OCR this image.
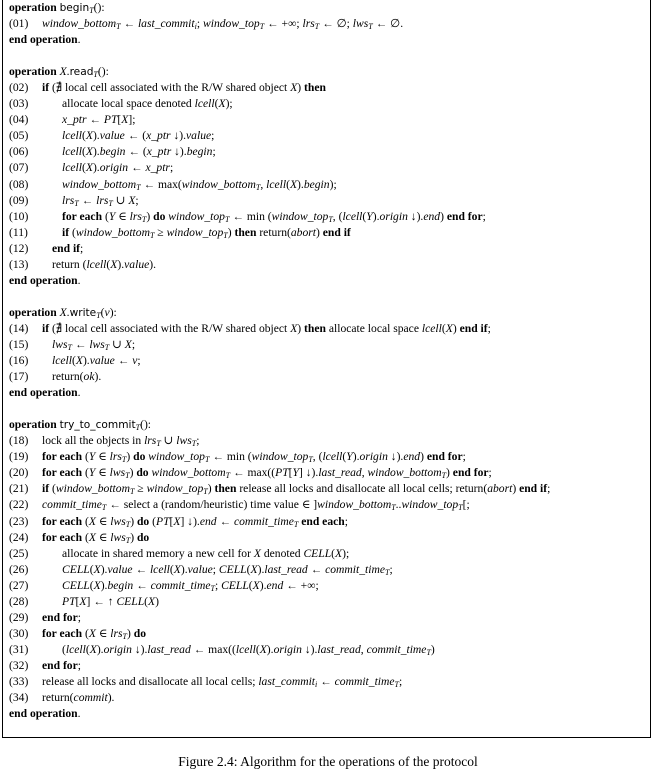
operation begin$_T$():
(01) window_bottom$_T$ ← last_commit$_i$; window_top$_T$ ← +∞; lrs$_T$ ← ∅; lws$_T$ ← ∅.
end operation.
operation X.read$_T$():
(02) if (∄ local cell associated with the R/W shared object X) then
(03)	allocate local space denoted lcell(X);
(04)	x_ptr ← PT[X];
(05)	lcell(X).value ← (x_ptr ↓).value;
(06)	lcell(X).begin ← (x_ptr ↓).begin;
(07)	lcell(X).origin ← x_ptr;
(08)	window_bottom$_T$ ← max(window_bottom$_T$, lcell(X).begin);
(09)	lrs$_T$ ← lrs$_T$ ∪ X;
(10)	for each (Y ∈ lrs$_T$) do window_top$_T$ ← min (window_top$_T$, (lcell(Y).origin ↓).end) end for;
(11)	if (window_bottom$_T$ ≥ window_top$_T$) then return(abort) end if
(12) end if;
(13) return (lcell(X).value).
end operation.
operation X.write$_T$(v):
(14) if (∄ local cell associated with the R/W shared object X) then allocate local space lcell(X) end if;
(15) lws$_T$ ← lws$_T$ ∪ X;
(16) lcell(X).value ← v;
(17) return(ok).
end operation.
operation try_to_commit$_T$():
(18) lock all the objects in lrs$_T$ ∪ lws$_T$;
(19) for each (Y ∈ lrs$_T$) do window_top$_T$ ← min (window_top$_T$, (lcell(Y).origin ↓).end) end for;
(20) for each (Y ∈ lws$_T$) do window_bottom$_T$ ← max((PT[Y] ↓).last_read, window_bottom$_T$) end for;
(21) if (window_bottom$_T$ ≥ window_top$_T$) then release all locks and disallocate all local cells; return(abort) end if;
(22) commit_time$_T$ ← select a (random/heuristic) time value ∈ ]window_bottom$_T$..window_top$_T$[;
(23) for each (X ∈ lws$_T$) do (PT[X] ↓).end ← commit_time$_T$ end each;
(24) for each (X ∈ lws$_T$) do
(25)	allocate in shared memory a new cell for X denoted CELL(X);
(26)	CELL(X).value ← lcell(X).value; CELL(X).last_read ← commit_time$_T$;
(27)	CELL(X).begin ← commit_time$_T$; CELL(X).end ← +∞;
(28)	PT[X] ← ↑ CELL(X)
(29) end for;
(30) for each (X ∈ lrs$_T$) do
(31)	(lcell(X).origin ↓).last_read ← max((lcell(X).origin ↓).last_read, commit_time$_T$)
(32) end for;
(33) release all locks and disallocate all local cells; last_commit$_i$ ← commit_time$_T$;
(34) return(commit).
end operation.
Figure 2.4: Algorithm for the operations of the protocol
